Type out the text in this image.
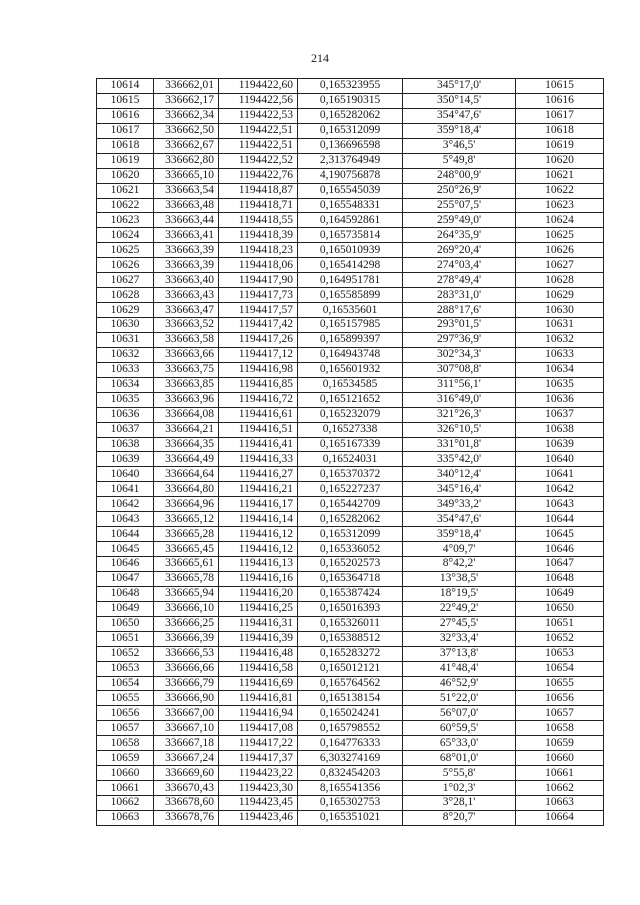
214
10614	336662,01	1194422,60	0,165323955	345°17,0'	10615
10615	336662,17	1194422,56	0,165190315	350°14,5'	10616
10616	336662,34	1194422,53	0,165282062	354°47,6'	10617
10617	336662,50	1194422,51	0,165312099	359°18,4'	10618
10618	336662,67	1194422,51	0,136696598	3°46,5'	10619
10619	336662,80	1194422,52	2,313764949	5°49,8'	10620
10620	336665,10	1194422,76	4,190756878	248°00,9'	10621
10621	336663,54	1194418,87	0,165545039	250°26,9'	10622
10622	336663,48	1194418,71	0,165548331	255°07,5'	10623
10623	336663,44	1194418,55	0,164592861	259°49,0'	10624
10624	336663,41	1194418,39	0,165735814	264°35,9'	10625
10625	336663,39	1194418,23	0,165010939	269°20,4'	10626
10626	336663,39	1194418,06	0,165414298	274°03,4'	10627
10627	336663,40	1194417,90	0,164951781	278°49,4'	10628
10628	336663,43	1194417,73	0,165585899	283°31,0'	10629
10629	336663,47	1194417,57	0,16535601	288°17,6'	10630
10630	336663,52	1194417,42	0,165157985	293°01,5'	10631
10631	336663,58	1194417,26	0,165899397	297°36,9'	10632
10632	336663,66	1194417,12	0,164943748	302°34,3'	10633
10633	336663,75	1194416,98	0,165601932	307°08,8'	10634
10634	336663,85	1194416,85	0,16534585	311°56,1'	10635
10635	336663,96	1194416,72	0,165121652	316°49,0'	10636
10636	336664,08	1194416,61	0,165232079	321°26,3'	10637
10637	336664,21	1194416,51	0,16527338	326°10,5'	10638
10638	336664,35	1194416,41	0,165167339	331°01,8'	10639
10639	336664,49	1194416,33	0,16524031	335°42,0'	10640
10640	336664,64	1194416,27	0,165370372	340°12,4'	10641
10641	336664,80	1194416,21	0,165227237	345°16,4'	10642
10642	336664,96	1194416,17	0,165442709	349°33,2'	10643
10643	336665,12	1194416,14	0,165282062	354°47,6'	10644
10644	336665,28	1194416,12	0,165312099	359°18,4'	10645
10645	336665,45	1194416,12	0,165336052	4°09,7'	10646
10646	336665,61	1194416,13	0,165202573	8°42,2'	10647
10647	336665,78	1194416,16	0,165364718	13°38,5'	10648
10648	336665,94	1194416,20	0,165387424	18°19,5'	10649
10649	336666,10	1194416,25	0,165016393	22°49,2'	10650
10650	336666,25	1194416,31	0,165326011	27°45,5'	10651
10651	336666,39	1194416,39	0,165388512	32°33,4'	10652
10652	336666,53	1194416,48	0,165283272	37°13,8'	10653
10653	336666,66	1194416,58	0,165012121	41°48,4'	10654
10654	336666,79	1194416,69	0,165764562	46°52,9'	10655
10655	336666,90	1194416,81	0,165138154	51°22,0'	10656
10656	336667,00	1194416,94	0,165024241	56°07,0'	10657
10657	336667,10	1194417,08	0,165798552	60°59,5'	10658
10658	336667,18	1194417,22	0,164776333	65°33,0'	10659
10659	336667,24	1194417,37	6,303274169	68°01,0'	10660
10660	336669,60	1194423,22	0,832454203	5°55,8'	10661
10661	336670,43	1194423,30	8,165541356	1°02,3'	10662
10662	336678,60	1194423,45	0,165302753	3°28,1'	10663
10663	336678,76	1194423,46	0,165351021	8°20,7'	10664
